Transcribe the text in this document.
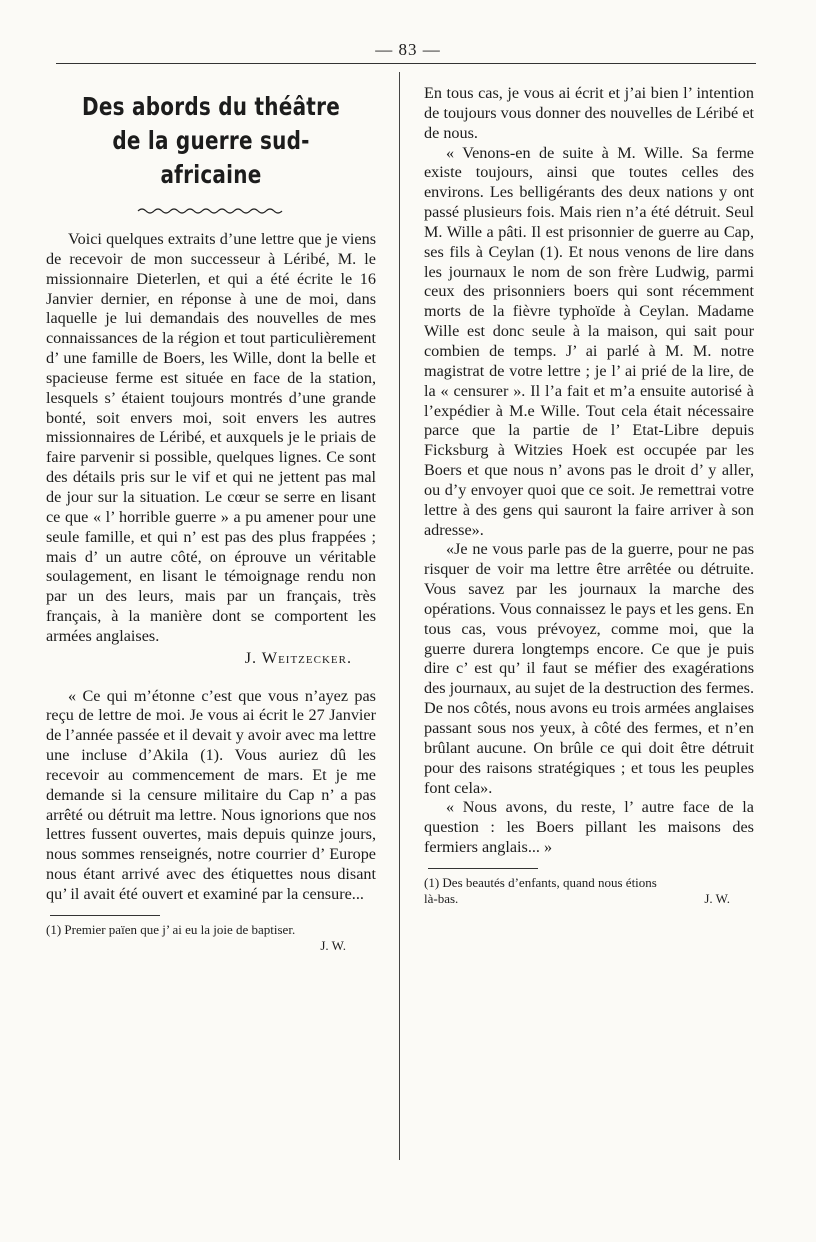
— 83 —
Des abords du théâtre
de la guerre sud-africaine

Voici quelques extraits d’une lettre que je viens de recevoir de mon successeur à Léribé, M. le missionnaire Dieterlen, et qui a été écrite le 16 Janvier dernier, en réponse à une de moi, dans laquelle je lui demandais des nouvelles de mes connaissances de la région et tout particulièrement d’ une famille de Boers, les Wille, dont la belle et spacieuse ferme est située en face de la station, lesquels s’ étaient toujours montrés d’une grande bonté, soit envers moi, soit envers les autres missionnaires de Léribé, et auxquels je le priais de faire parvenir si possible, quelques lignes. Ce sont des détails pris sur le vif et qui ne jettent pas mal de jour sur la situation. Le cœur se serre en lisant ce que « l’ horrible guerre » a pu amener pour une seule famille, et qui n’ est pas des plus frappées ; mais d’ un autre côté, on éprouve un véritable soulagement, en lisant le témoignage rendu non par un des leurs, mais par un français, très français, à la manière dont se comportent les armées anglaises.

J. Weitzecker.

« Ce qui m’étonne c’est que vous n’ayez pas reçu de lettre de moi. Je vous ai écrit le 27 Janvier de l’année passée et il devait y avoir avec ma lettre une incluse d’Akila (1). Vous auriez dû les recevoir au commencement de mars. Et je me demande si la censure militaire du Cap n’ a pas arrêté ou détruit ma lettre. Nous ignorions que nos lettres fussent ouvertes, mais depuis quinze jours, nous sommes renseignés, notre courrier d’ Europe nous étant arrivé avec des étiquettes nous disant qu’ il avait été ouvert et examiné par la censure...

(1) Premier païen que j’ ai eu la joie de baptiser.
J. W.

En tous cas, je vous ai écrit et j’ai bien l’ intention de toujours vous donner des nouvelles de Léribé et de nous.

« Venons-en de suite à M. Wille. Sa ferme existe toujours, ainsi que toutes celles des environs. Les belligérants des deux nations y ont passé plusieurs fois. Mais rien n’a été détruit. Seul M. Wille a pâti. Il est prisonnier de guerre au Cap, ses fils à Ceylan (1). Et nous venons de lire dans les journaux le nom de son frère Ludwig, parmi ceux des prisonniers boers qui sont récemment morts de la fièvre typhoïde à Ceylan. Madame Wille est donc seule à la maison, qui sait pour combien de temps. J’ ai parlé à M. M. notre magistrat de votre lettre ; je l’ ai prié de la lire, de la « censurer ». Il l’a fait et m’a ensuite autorisé à l’expédier à M.e Wille. Tout cela était nécessaire parce que la partie de l’ Etat-Libre depuis Ficksburg à Witzies Hoek est occupée par les Boers et que nous n’ avons pas le droit d’ y aller, ou d’y envoyer quoi que ce soit. Je remettrai votre lettre à des gens qui sauront la faire arriver à son adresse».

«Je ne vous parle pas de la guerre, pour ne pas risquer de voir ma lettre être arrêtée ou détruite. Vous savez par les journaux la marche des opérations. Vous connaissez le pays et les gens. En tous cas, vous prévoyez, comme moi, que la guerre durera longtemps encore. Ce que je puis dire c’ est qu’ il faut se méfier des exagérations des journaux, au sujet de la destruction des fermes. De nos côtés, nous avons eu trois armées anglaises passant sous nos yeux, à côté des fermes, et n’en brûlant aucune. On brûle ce qui doit être détruit pour des raisons stratégiques ; et tous les peuples font cela».

« Nous avons, du reste, l’ autre face de la question : les Boers pillant les maisons des fermiers anglais... »

(1) Des beautés d’enfants, quand nous étions
là-bas.	J. W.
